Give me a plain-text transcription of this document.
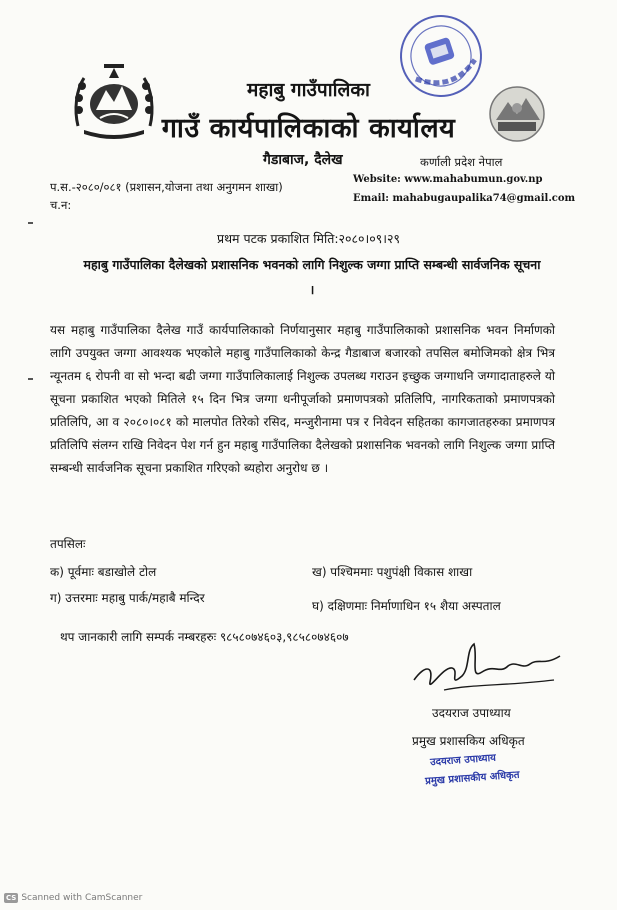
महाबु गाउँपालिका
गाउँ कार्यपालिकाको कार्यालय
गैडाबाज, दैलेख	कर्णाली प्रदेश नेपाल
Website: www.mahabumun.gov.np
Email: mahabugaupalika74@gmail.com
प.स.-२०८०/०८१ (प्रशासन,योजना तथा अनुगमन शाखा)
च.न:
प्रथम पटक प्रकाशित मिति:२०८०।०९।२९
महाबु गाउँपालिका दैलेखको प्रशासनिक भवनको लागि निशुल्क जग्गा प्राप्ति सम्बन्धी सार्वजनिक सूचना ।
यस महाबु गाउँपालिका दैलेख गाउँ कार्यपालिकाको निर्णयानुसार महाबु गाउँपालिकाको प्रशासनिक भवन निर्माणको लागि उपयुक्त जग्गा आवश्यक भएकोले महाबु गाउँपालिकाको केन्द्र गैडाबाज बजारको तपसिल बमोजिमको क्षेत्र भित्र न्यूनतम ६ रोपनी वा सो भन्दा बढी जग्गा गाउँपालिकालाई निशुल्क उपलब्ध गराउन इच्छुक जग्गाधनि जग्गादाताहरुले यो सूचना प्रकाशित भएको मितिले १५ दिन भित्र जग्गा धनीपूर्जाको प्रमाणपत्रको प्रतिलिपि, नागरिकताको प्रमाणपत्रको प्रतिलिपि, आ व २०८०।०८१ को मालपोत तिरेको रसिद, मन्जुरीनामा पत्र र निवेदन सहितका कागजातहरुका प्रमाणपत्र प्रतिलिपि संलग्न राखि निवेदन पेश गर्न हुन महाबु गाउँपालिका दैलेखको प्रशासनिक भवनको लागि निशुल्क जग्गा प्राप्ति सम्बन्धी सार्वजनिक सूचना प्रकाशित गरिएको ब्यहोरा अनुरोध छ ।
तपसिलः
क) पूर्वमाः बडाखोले टोल	ख) पश्चिममाः पशुपंक्षी विकास शाखा
ग) उत्तरमाः महाबु पार्क/महाबै मन्दिर
घ) दक्षिणमाः निर्माणाधिन १५ शैया अस्पताल
थप जानकारी लागि सम्पर्क नम्बरहरुः ९८५८०७४६०३,९८५८०७४६०७
उदयराज उपाध्याय
प्रमुख प्रशासकिय अधिकृत
उदयराज उपाध्याय
प्रमुख प्रशासकीय अधिकृत
CS Scanned with CamScanner
